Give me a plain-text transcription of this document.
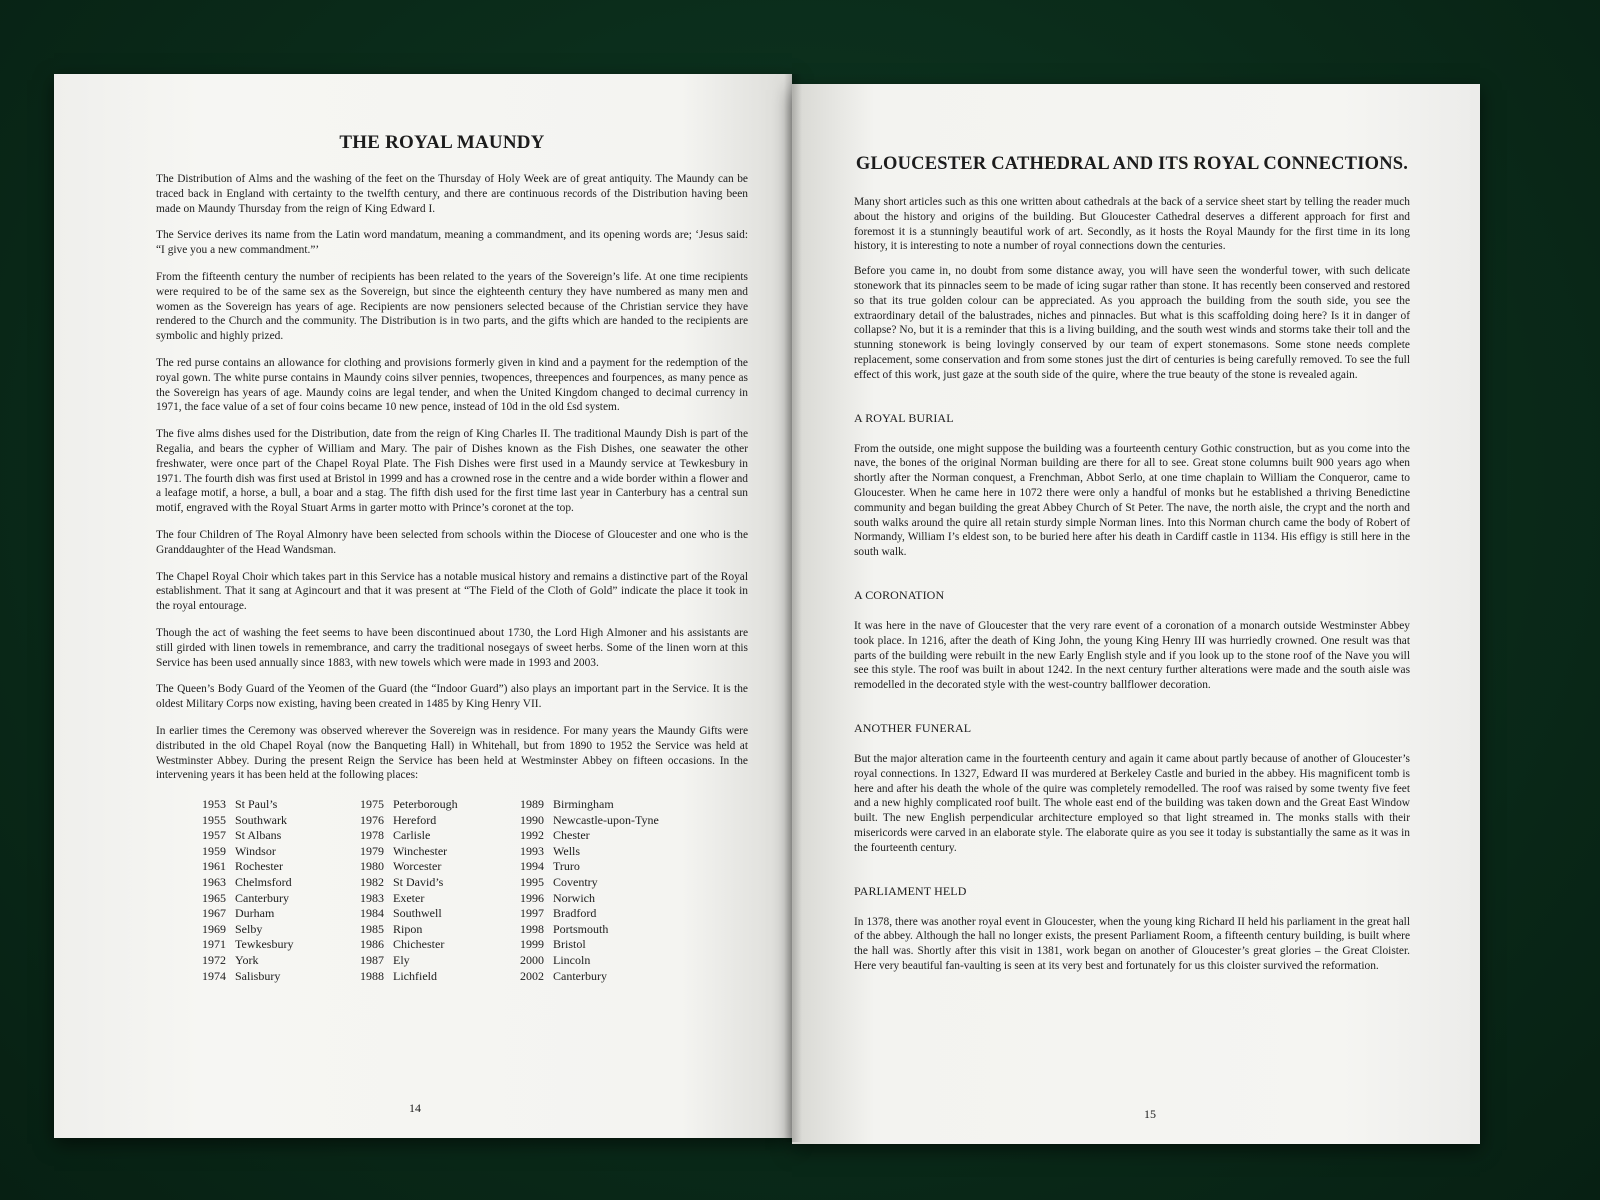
THE ROYAL MAUNDY

The Distribution of Alms and the washing of the feet on the Thursday of Holy Week are of great antiquity. The Maundy can be traced back in England with certainty to the twelfth century, and there are continuous records of the Distribution having been made on Maundy Thursday from the reign of King Edward I.

The Service derives its name from the Latin word mandatum, meaning a commandment, and its opening words are; ‘Jesus said: “I give you a new commandment.”’

From the fifteenth century the number of recipients has been related to the years of the Sovereign’s life. At one time recipients were required to be of the same sex as the Sovereign, but since the eighteenth century they have numbered as many men and women as the Sovereign has years of age. Recipients are now pensioners selected because of the Christian service they have rendered to the Church and the community. The Distribution is in two parts, and the gifts which are handed to the recipients are symbolic and highly prized.

The red purse contains an allowance for clothing and provisions formerly given in kind and a payment for the redemption of the royal gown. The white purse contains in Maundy coins silver pennies, twopences, threepences and fourpences, as many pence as the Sovereign has years of age. Maundy coins are legal tender, and when the United Kingdom changed to decimal currency in 1971, the face value of a set of four coins became 10 new pence, instead of 10d in the old £sd system.

The five alms dishes used for the Distribution, date from the reign of King Charles II. The traditional Maundy Dish is part of the Regalia, and bears the cypher of William and Mary. The pair of Dishes known as the Fish Dishes, one seawater the other freshwater, were once part of the Chapel Royal Plate. The Fish Dishes were first used in a Maundy service at Tewkesbury in 1971. The fourth dish was first used at Bristol in 1999 and has a crowned rose in the centre and a wide border within a flower and a leafage motif, a horse, a bull, a boar and a stag. The fifth dish used for the first time last year in Canterbury has a central sun motif, engraved with the Royal Stuart Arms in garter motto with Prince’s coronet at the top.

The four Children of The Royal Almonry have been selected from schools within the Diocese of Gloucester and one who is the Granddaughter of the Head Wandsman.

The Chapel Royal Choir which takes part in this Service has a notable musical history and remains a distinctive part of the Royal establishment. That it sang at Agincourt and that it was present at “The Field of the Cloth of Gold” indicate the place it took in the royal entourage.

Though the act of washing the feet seems to have been discontinued about 1730, the Lord High Almoner and his assistants are still girded with linen towels in remembrance, and carry the traditional nosegays of sweet herbs. Some of the linen worn at this Service has been used annually since 1883, with new towels which were made in 1993 and 2003.

The Queen’s Body Guard of the Yeomen of the Guard (the “Indoor Guard”) also plays an important part in the Service. It is the oldest Military Corps now existing, having been created in 1485 by King Henry VII.

In earlier times the Ceremony was observed wherever the Sovereign was in residence. For many years the Maundy Gifts were distributed in the old Chapel Royal (now the Banqueting Hall) in Whitehall, but from 1890 to 1952 the Service was held at Westminster Abbey. During the present Reign the Service has been held at Westminster Abbey on fifteen occasions. In the intervening years it has been held at the following places:

1953 St Paul’s
1955 Southwark
1957 St Albans
1959 Windsor
1961 Rochester
1963 Chelmsford
1965 Canterbury
1967 Durham
1969 Selby
1971 Tewkesbury
1972 York
1974 Salisbury
1975 Peterborough
1976 Hereford
1978 Carlisle
1979 Winchester
1980 Worcester
1982 St David’s
1983 Exeter
1984 Southwell
1985 Ripon
1986 Chichester
1987 Ely
1988 Lichfield
1989 Birmingham
1990 Newcastle-upon-Tyne
1992 Chester
1993 Wells
1994 Truro
1995 Coventry
1996 Norwich
1997 Bradford
1998 Portsmouth
1999 Bristol
2000 Lincoln
2002 Canterbury
14
GLOUCESTER CATHEDRAL AND ITS ROYAL CONNECTIONS.

Many short articles such as this one written about cathedrals at the back of a service sheet start by telling the reader much about the history and origins of the building. But Gloucester Cathedral deserves a different approach for first and foremost it is a stunningly beautiful work of art. Secondly, as it hosts the Royal Maundy for the first time in its long history, it is interesting to note a number of royal connections down the centuries.

Before you came in, no doubt from some distance away, you will have seen the wonderful tower, with such delicate stonework that its pinnacles seem to be made of icing sugar rather than stone. It has recently been conserved and restored so that its true golden colour can be appreciated. As you approach the building from the south side, you see the extraordinary detail of the balustrades, niches and pinnacles. But what is this scaffolding doing here? Is it in danger of collapse? No, but it is a reminder that this is a living building, and the south west winds and storms take their toll and the stunning stonework is being lovingly conserved by our team of expert stonemasons. Some stone needs complete replacement, some conservation and from some stones just the dirt of centuries is being carefully removed. To see the full effect of this work, just gaze at the south side of the quire, where the true beauty of the stone is revealed again.

A ROYAL BURIAL

From the outside, one might suppose the building was a fourteenth century Gothic construction, but as you come into the nave, the bones of the original Norman building are there for all to see. Great stone columns built 900 years ago when shortly after the Norman conquest, a Frenchman, Abbot Serlo, at one time chaplain to William the Conqueror, came to Gloucester. When he came here in 1072 there were only a handful of monks but he established a thriving Benedictine community and began building the great Abbey Church of St Peter. The nave, the north aisle, the crypt and the north and south walks around the quire all retain sturdy simple Norman lines. Into this Norman church came the body of Robert of Normandy, William I’s eldest son, to be buried here after his death in Cardiff castle in 1134. His effigy is still here in the south walk.

A CORONATION

It was here in the nave of Gloucester that the very rare event of a coronation of a monarch outside Westminster Abbey took place. In 1216, after the death of King John, the young King Henry III was hurriedly crowned. One result was that parts of the building were rebuilt in the new Early English style and if you look up to the stone roof of the Nave you will see this style. The roof was built in about 1242. In the next century further alterations were made and the south aisle was remodelled in the decorated style with the west-country ballflower decoration.

ANOTHER FUNERAL

But the major alteration came in the fourteenth century and again it came about partly because of another of Gloucester’s royal connections. In 1327, Edward II was murdered at Berkeley Castle and buried in the abbey. His magnificent tomb is here and after his death the whole of the quire was completely remodelled. The roof was raised by some twenty five feet and a new highly complicated roof built. The whole east end of the building was taken down and the Great East Window built. The new English perpendicular architecture employed so that light streamed in. The monks stalls with their misericords were carved in an elaborate style. The elaborate quire as you see it today is substantially the same as it was in the fourteenth century.

PARLIAMENT HELD

In 1378, there was another royal event in Gloucester, when the young king Richard II held his parliament in the great hall of the abbey. Although the hall no longer exists, the present Parliament Room, a fifteenth century building, is built where the hall was. Shortly after this visit in 1381, work began on another of Gloucester’s great glories – the Great Cloister. Here very beautiful fan-vaulting is seen at its very best and fortunately for us this cloister survived the reformation.

15
